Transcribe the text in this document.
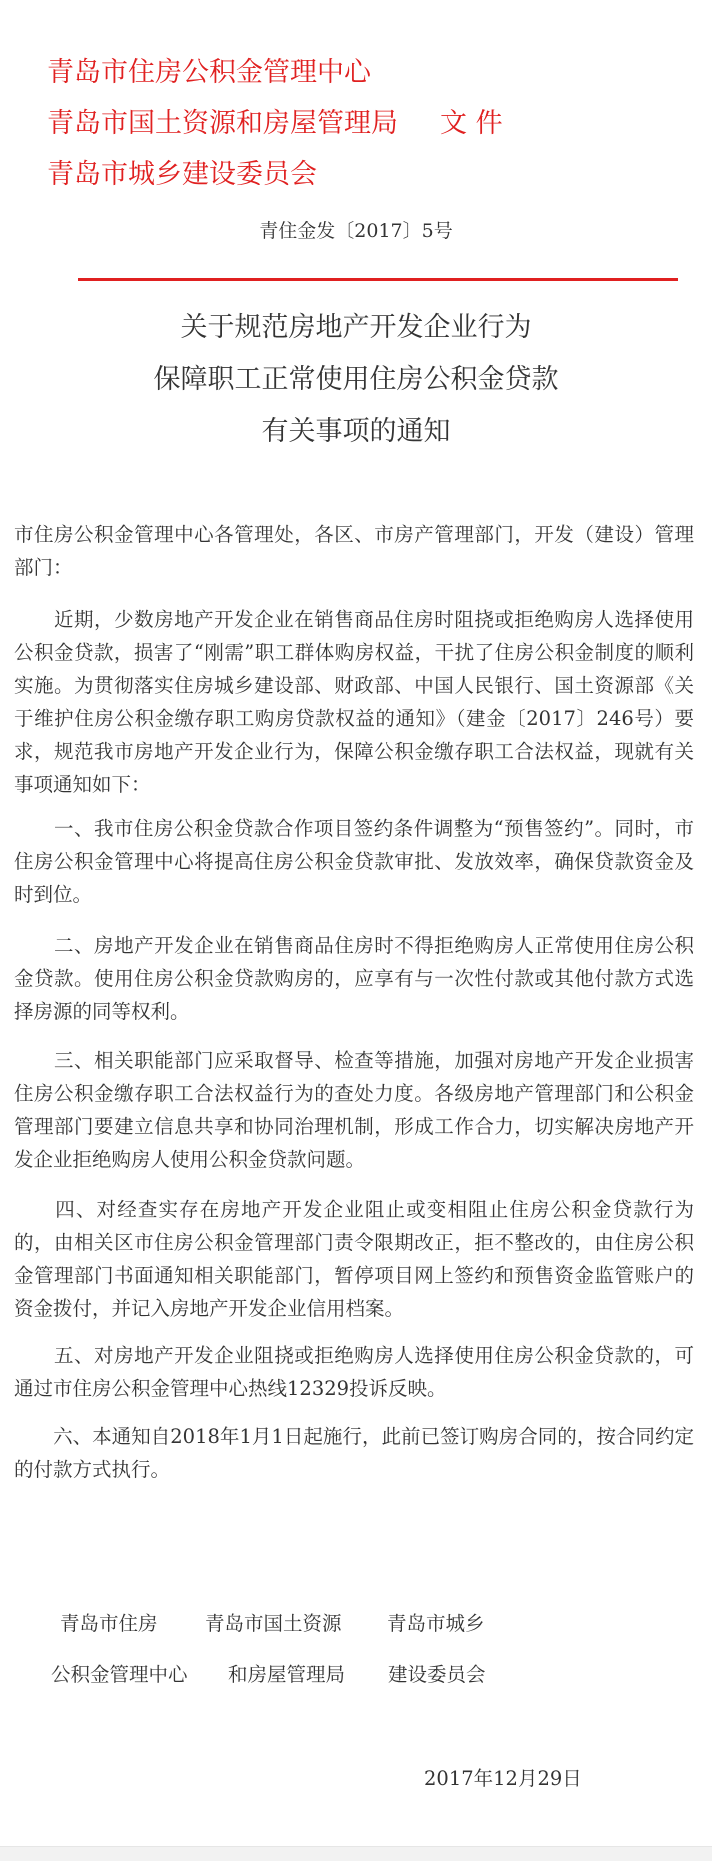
青岛市住房公积金管理中心
青岛市国土资源和房屋管理局 文 件
青岛市城乡建设委员会
青住金发〔2017〕5号
关于规范房地产开发企业行为
保障职工正常使用住房公积金贷款
有关事项的通知
市住房公积金管理中心各管理处，各区、市房产管理部门，开发（建设）管理部门：
　　近期，少数房地产开发企业在销售商品住房时阻挠或拒绝购房人选择使用公积金贷款，损害了“刚需”职工群体购房权益，干扰了住房公积金制度的顺利实施。为贯彻落实住房城乡建设部、财政部、中国人民银行、国土资源部《关于维护住房公积金缴存职工购房贷款权益的通知》（建金〔2017〕246号）要求，规范我市房地产开发企业行为，保障公积金缴存职工合法权益，现就有关事项通知如下：
　　一、我市住房公积金贷款合作项目签约条件调整为“预售签约”。同时，市住房公积金管理中心将提高住房公积金贷款审批、发放效率，确保贷款资金及时到位。
　　二、房地产开发企业在销售商品住房时不得拒绝购房人正常使用住房公积金贷款。使用住房公积金贷款购房的，应享有与一次性付款或其他付款方式选择房源的同等权利。
　　三、相关职能部门应采取督导、检查等措施，加强对房地产开发企业损害住房公积金缴存职工合法权益行为的查处力度。各级房地产管理部门和公积金管理部门要建立信息共享和协同治理机制，形成工作合力，切实解决房地产开发企业拒绝购房人使用公积金贷款问题。
　　四、对经查实存在房地产开发企业阻止或变相阻止住房公积金贷款行为的，由相关区市住房公积金管理部门责令限期改正，拒不整改的，由住房公积金管理部门书面通知相关职能部门，暂停项目网上签约和预售资金监管账户的资金拨付，并记入房地产开发企业信用档案。
　　五、对房地产开发企业阻挠或拒绝购房人选择使用住房公积金贷款的，可通过市住房公积金管理中心热线12329投诉反映。
　　六、本通知自2018年1月1日起施行，此前已签订购房合同的，按合同约定的付款方式执行。
青岛市住房 青岛市国土资源 青岛市城乡
公积金管理中心 和房屋管理局 建设委员会
2017年12月29日
